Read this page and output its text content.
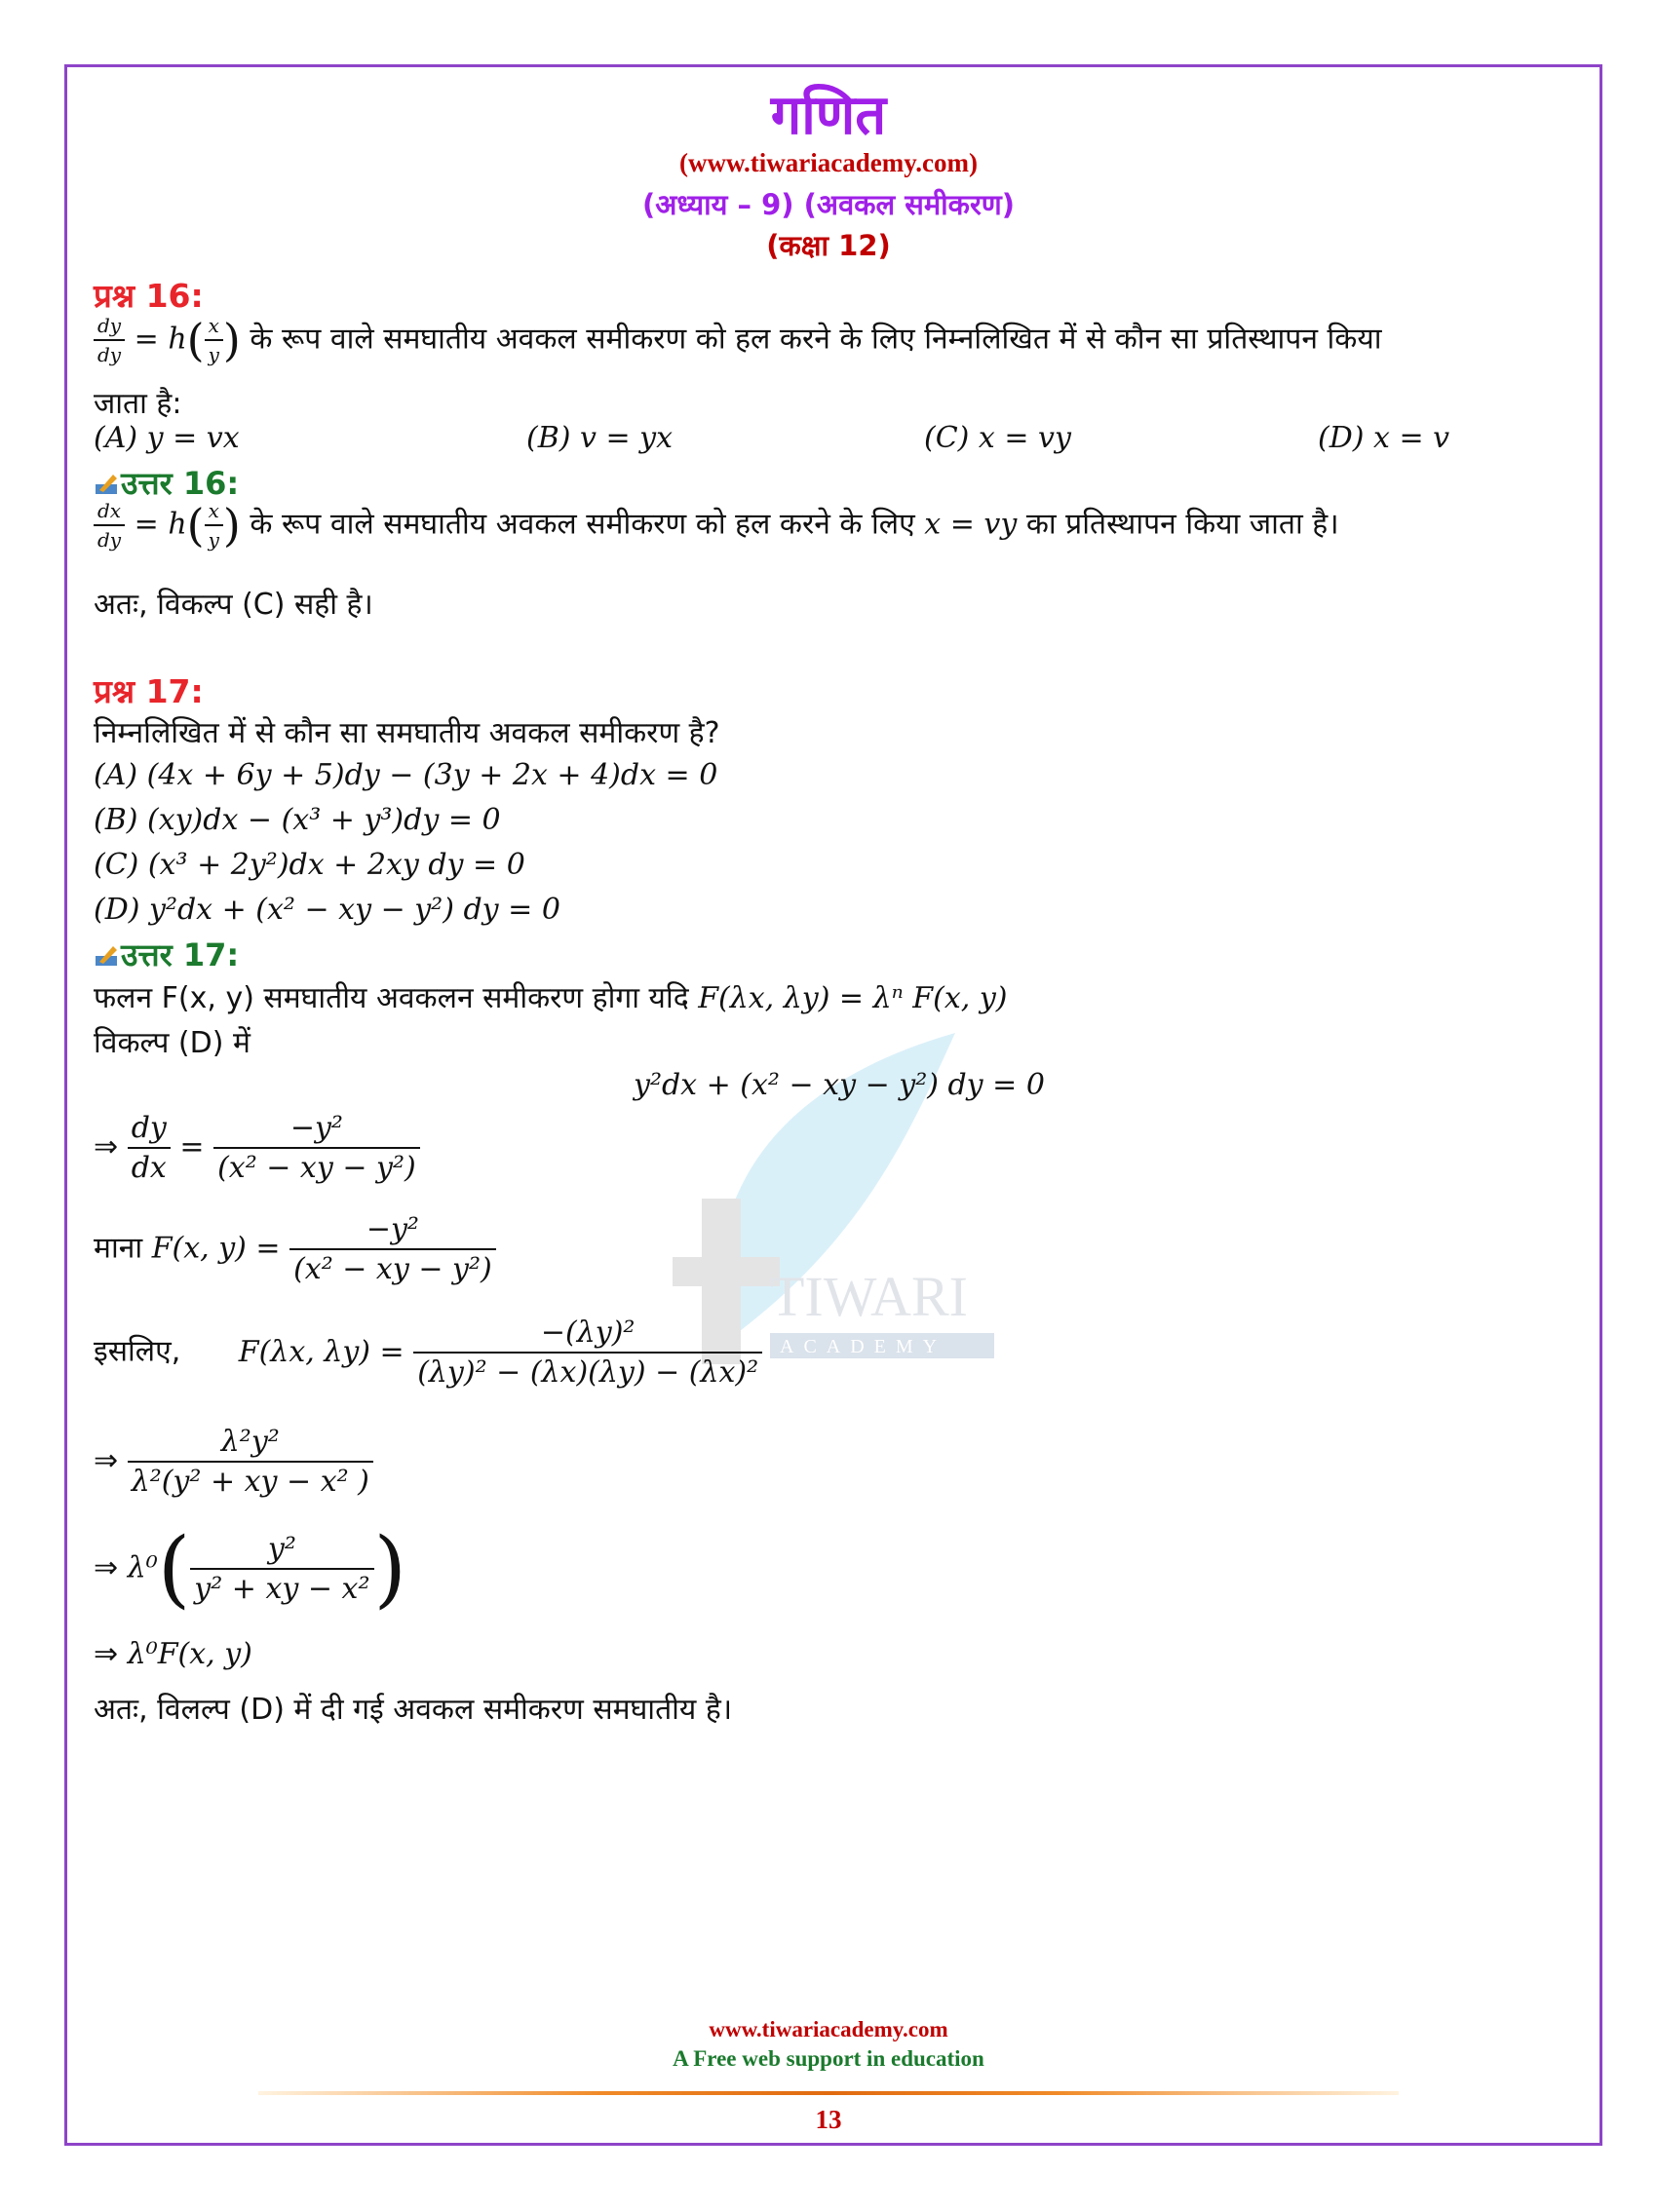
TIWARI
ACADEMY
गणित
(www.tiwariacademy.com)
(अध्याय – 9) (अवकल समीकरण)
(कक्षा 12)
प्रश्न 16:
$\frac{dy}{dy} = h( \frac{x}{y}$ ) के रूप वाले समघातीय अवकल समीकरण को हल करने के लिए निम्नलिखित में से कौन सा प्रतिस्थापन किया
जाता है:
(A) y = vx	(B) v = yx	(C) x = vy	(D) x = v
उत्तर 16:
$\frac{dx}{dy} = h( \frac{x}{y}$ ) के रूप वाले समघातीय अवकल समीकरण को हल करने के लिए x = vy का प्रतिस्थापन किया जाता है।
अतः, विकल्प (C) सही है।
प्रश्न 17:
निम्नलिखित में से कौन सा समघातीय अवकल समीकरण है?
(A) (4x + 6y + 5)dy − (3y + 2x + 4)dx = 0
(B) (xy)dx − (x³ + y³)dy = 0
(C) (x³ + 2y²)dx + 2xy dy = 0
(D) y²dx + (x² − xy − y²) dy = 0
उत्तर 17:
फलन F(x, y) समघातीय अवकलन समीकरण होगा यदि F(λx, λy) = λⁿ F(x, y)
विकल्प (D) में
y²dx + (x² − xy − y²) dy = 0
⇒ $\frac{dy}{dx} = \frac{\text{−y²}}{\text{(x² − xy − y²)}}$
माना F(x, $y) = \frac{\text{−y²}}{\text{(x² − xy − y²)}}$
इसलिए, F(λx, $\lambda y) = \frac{\text{−(λy)²}}{\text{(λy)² − (λx)(λy) − (λx)²}}$
⇒ $\frac{\text{λ²y²}}{\text{λ²(y² + xy − x² )}}$
⇒ $\lambda^0( \frac{\text{y²}}{\text{y² + xy − x²}}$ )
⇒ λ⁰F(x, y)
अतः, विलल्प (D) में दी गई अवकल समीकरण समघातीय है।
www.tiwariacademy.com
A Free web support in education
13
